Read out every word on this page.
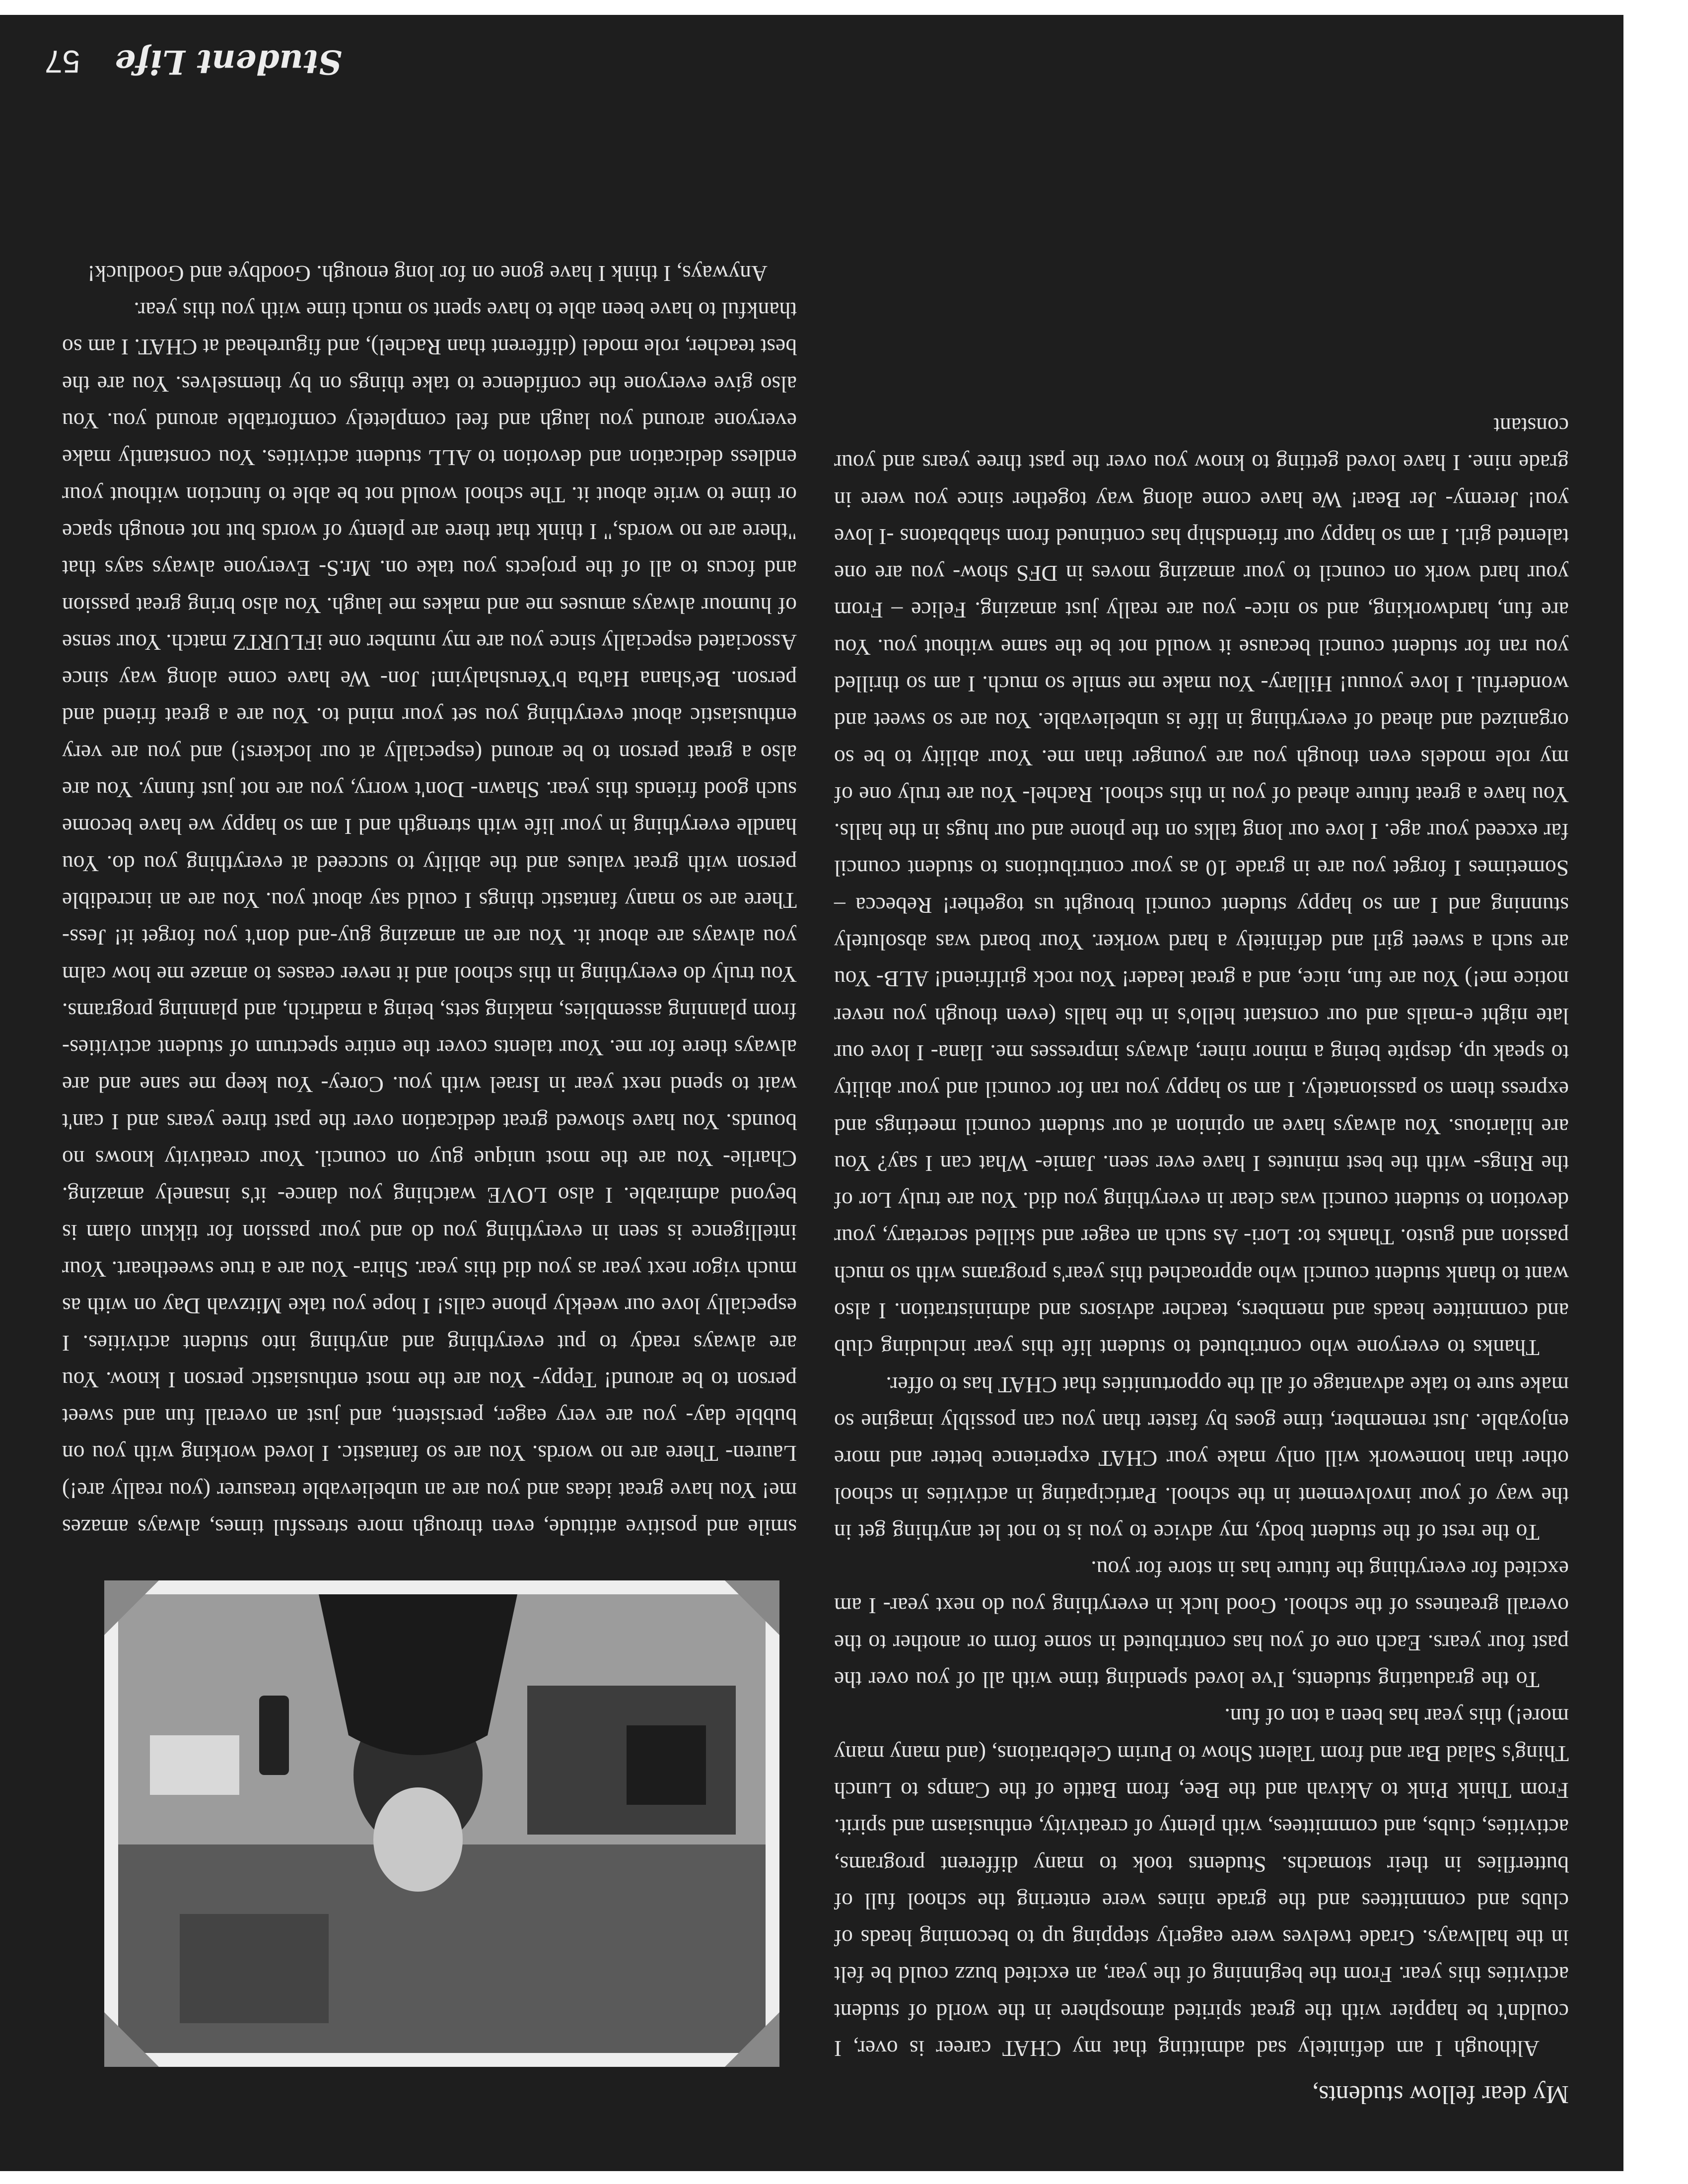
My dear fellow students,

Although I am definitely sad admitting that my CHAT career is over, I couldn't be happier with the great spirited atmosphere in the world of student activities this year. From the beginning of the year, an excited buzz could be felt in the hallways. Grade twelves were eagerly stepping up to becoming heads of clubs and committees and the grade nines were entering the school full of butterflies in their stomachs. Students took to many different programs, activities, clubs, and committees, with plenty of creativity, enthusiasm and spirit. From Think Pink to Akivah and the Bee, from Battle of the Camps to Lunch Thing's Salad Bar and from Talent Show to Purim Celebrations, (and many many more!) this year has been a ton of fun.

To the graduating students, I've loved spending time with all of you over the past four years. Each one of you has contributed in some form or another to the overall greatness of the school. Good luck in everything you do next year- I am excited for everything the future has in store for you.

To the rest of the student body, my advice to you is to not let anything get in the way of your involvement in the school. Participating in activities in school other than homework will only make your CHAT experience better and more enjoyable. Just remember, time goes by faster than you can possibly imagine so make sure to take advantage of all the opportunities that CHAT has to offer.

Thanks to everyone who contributed to student life this year including club and committee heads and members, teacher advisors and administration. I also want to thank student council who approached this year's programs with so much passion and gusto. Thanks to: Lori- As such an eager and skilled secretary, your devotion to student council was clear in everything you did. You are truly Lor of the Rings- with the best minutes I have ever seen. Jamie- What can I say? You are hilarious. You always have an opinion at our student council meetings and express them so passionately. I am so happy you ran for council and your ability to speak up, despite being a minor niner, always impresses me. Ilana- I love our late night e-mails and our constant hello's in the halls (even though you never notice me!) You are fun, nice, and a great leader! You rock girlfriend! ALB- You are such a sweet girl and definitely a hard worker. Your board was absolutely stunning and I am so happy student council brought us together! Rebecca – Sometimes I forget you are in grade 10 as your contributions to student council far exceed your age. I love our long talks on the phone and our hugs in the halls. You have a great future ahead of you in this school. Rachel- You are truly one of my role models even though you are younger than me. Your ability to be so organized and ahead of everything in life is unbelievable. You are so sweet and wonderful. I love youuu! Hillary- You make me smile so much. I am so thrilled you ran for student council because it would not be the same without you. You are fun, hardworking, and so nice- you are really just amazing. Felice – From your hard work on council to your amazing moves in DFS show- you are one talented girl. I am so happy our friendship has continued from shabbatons -I love you! Jeremy- Jer Bear! We have come along way together since you were in grade nine. I have loved getting to know you over the past three years and your constant

smile and positive attitude, even through more stressful times, always amazes me! You have great ideas and you are an unbelievable treasurer (you really are!) Lauren- There are no words. You are so fantastic. I loved working with you on bubble day- you are very eager, persistent, and just an overall fun and sweet person to be around! Teppy- You are the most enthusiastic person I know. You are always ready to put everything and anything into student activities. I especially love our weekly phone calls! I hope you take Mitzvah Day on with as much vigor next year as you did this year. Shira- You are a true sweetheart. Your intelligence is seen in everything you do and your passion for tikkun olam is beyond admirable. I also LOVE watching you dance- it's insanely amazing. Charlie- You are the most unique guy on council. Your creativity knows no bounds. You have showed great dedication over the past three years and I can't wait to spend next year in Israel with you. Corey- You keep me sane and are always there for me. Your talents cover the entire spectrum of student activities- from planning assemblies, making sets, being a madrich, and planning programs. You truly do everything in this school and it never ceases to amaze me how calm you always are about it. You are an amazing guy-and don't you forget it! Jess- There are so many fantastic things I could say about you. You are an incredible person with great values and the ability to succeed at everything you do. You handle everything in your life with strength and I am so happy we have become such good friends this year. Shawn- Don't worry, you are not just funny. You are also a great person to be around (especially at our lockers!) and you are very enthusiastic about everything you set your mind to. You are a great friend and person. Be'shana Ha'ba b'Yerushalyim! Jon- We have come along way since Associated especially since you are my number one iFLURTZ match. Your sense of humour always amuses me and makes me laugh. You also bring great passion and focus to all of the projects you take on. Mr.S- Everyone always says that "there are no words," I think that there are plenty of words but not enough space or time to write about it. The school would not be able to function without your endless dedication and devotion to ALL student activities. You constantly make everyone around you laugh and feel completely comfortable around you. You also give everyone the confidence to take things on by themselves. You are the best teacher, role model (different than Rachel), and figurehead at CHAT. I am so thankful to have been able to have spent so much time with you this year.

Anyways, I think I have gone on for long enough. Goodbye and Goodluck!

Student Life
57
